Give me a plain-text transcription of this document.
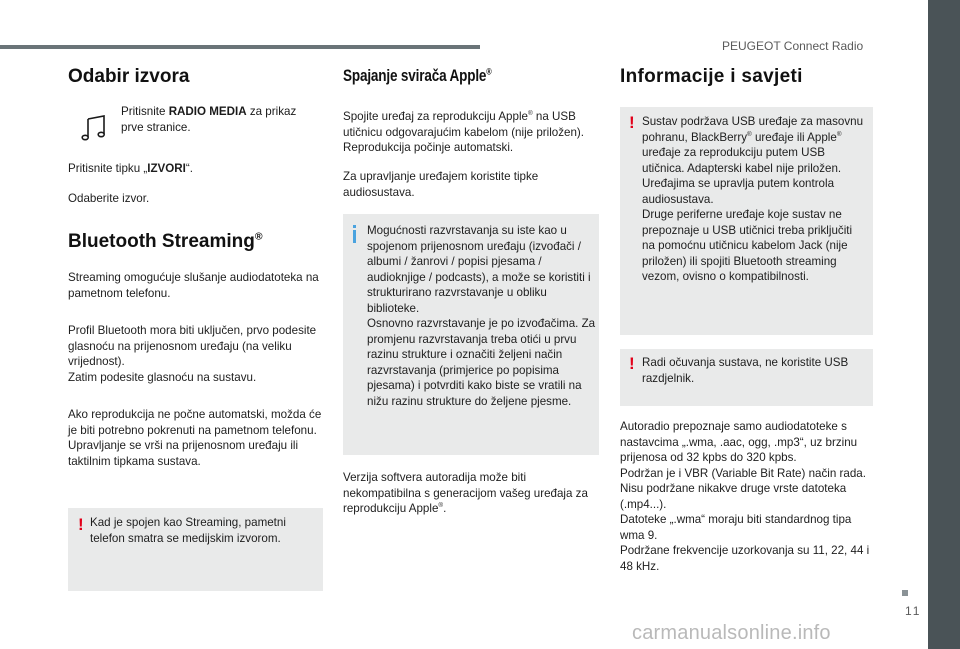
PEUGEOT Connect Radio
Odabir izvora
Pritisnite RADIO MEDIA za prikaz prve stranice.

Pritisnite tipku „IZVORI“.

Odaberite izvor.

Bluetooth Streaming®

Streaming omogućuje slušanje audiodatoteka na pametnom telefonu.

Profil Bluetooth mora biti uključen, prvo podesite glasnoću na prijenosnom uređaju (na veliku vrijednost).
Zatim podesite glasnoću na sustavu.

Ako reprodukcija ne počne automatski, možda će je biti potrebno pokrenuti na pametnom telefonu.
Upravljanje se vrši na prijenosnom uređaju ili taktilnim tipkama sustava.

! Kad je spojen kao Streaming, pametni telefon smatra se medijskim izvorom.
Spajanje svirača Apple®

Spojite uređaj za reprodukciju Apple® na USB utičnicu odgovarajućim kabelom (nije priložen).
Reprodukcija počinje automatski.

Za upravljanje uređajem koristite tipke audiosustava.

Mogućnosti razvrstavanja su iste kao u spojenom prijenosnom uređaju (izvođači / albumi / žanrovi / popisi pjesama / audioknjige / podcasts), a može se koristiti i strukturirano razvrstavanje u obliku biblioteke.
Osnovno razvrstavanje je po izvođačima. Za promjenu razvrstavanja treba otići u prvu razinu strukture i označiti željeni način razvrstavanja (primjerice po popisima pjesama) i potvrditi kako biste se vratili na nižu razinu strukture do željene pjesme.

Verzija softvera autoradija može biti nekompatibilna s generacijom vašeg uređaja za reprodukciju Apple®.

Informacije i savjeti
! Sustav podržava USB uređaje za masovnu pohranu, BlackBerry® uređaje ili Apple® uređaje za reprodukciju putem USB utičnica. Adapterski kabel nije priložen.
Uređajima se upravlja putem kontrola audiosustava.
Druge periferne uređaje koje sustav ne prepoznaje u USB utičnici treba priključiti na pomoćnu utičnicu kabelom Jack (nije priložen) ili spojiti Bluetooth streaming vezom, ovisno o kompatibilnosti.
! Radi očuvanja sustava, ne koristite USB razdjelnik.

Autoradio prepoznaje samo audiodatoteke s nastavcima „.wma, .aac, ogg, .mp3“, uz brzinu prijenosa od 32 kpbs do 320 kpbs.
Podržan je i VBR (Variable Bit Rate) način rada.
Nisu podržane nikakve druge vrste datoteka (.mp4...).
Datoteke „.wma“ moraju biti standardnog tipa wma 9.
Podržane frekvencije uzorkovanja su 11, 22, 44 i 48 kHz.

11
carmanualsonline.info
